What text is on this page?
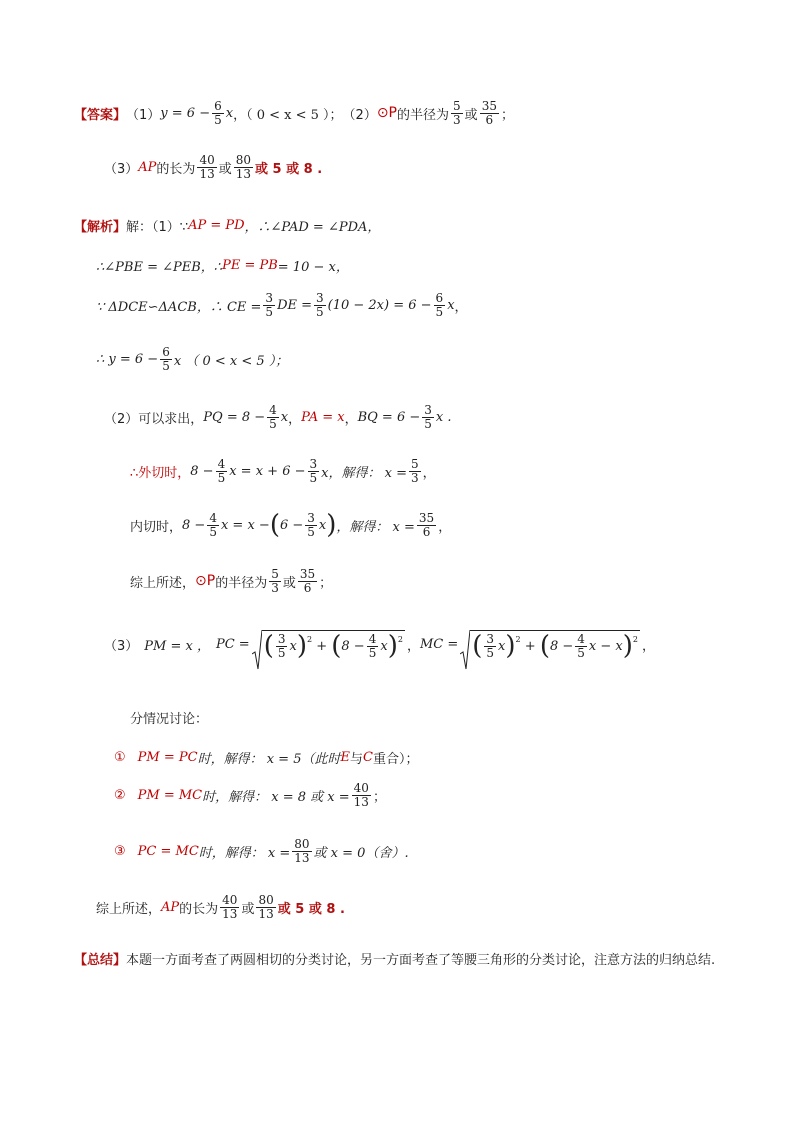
【答案】 （1） $y = 6 - \frac{6}{5}$ x ，（ 0 < x < 5 ）； （2） ⊙P 的半径为 $\frac{5}{3}$ 或 $\frac{35}{6}$ ；
（3） AP 的长为 $\frac{40}{13}$ 或 $\frac{80}{13}$ 或 5 或 8 .
【解析】 解：（1）∵ AP = PD ，∴∠PAD = ∠PDA，
∴∠PBE = ∠PEB，∴ PE = PB = 10 − x，
∵ ΔDCE∽ΔACB，∴ CE = $\frac{3}{5}$ DE = $\frac{3}{5} (10 - 2x) = 6 - \frac{6}{5}$ x ，
∴ $y = 6 - \frac{6}{5}$ x （ 0 < x < 5 ）；
（2）可以求出， PQ = $8 - \frac{4}{5}$ x ， PA = x ， BQ = $6 - \frac{3}{5}$ x .
∴外切时， $8 - \frac{4}{5}$ $x = x + 6 - \frac{3}{5}$ x，解得： $x = \frac{5}{3}$ ，
内切时， $8 - \frac{4}{5}$ x = x − ( $6 - \frac{3}{5}$ x ) ，解得： $x = \frac{35}{6}$ ，
综上所述， ⊙P 的半径为 $\frac{5}{3}$ 或 $\frac{35}{6}$ ；
（3） PM = x ， PC = ( $\frac{3}{5}$ x ) 2 + ( $8 - \frac{4}{5}$ x ) 2 ， MC = ( $\frac{3}{5}$ x ) 2 + ( $8 - \frac{4}{5}$ x − x ) 2 ，
分情况讨论：
① PM = PC 时，解得： x = 5（此时 E 与 C 重合）；
② PM = MC 时，解得： x = 8 或 $x = \frac{40}{13}$ ；
③ PC = MC 时，解得： $x = \frac{80}{13}$ 或 x = 0（舍）.
综上所述， AP 的长为 $\frac{40}{13}$ 或 $\frac{80}{13}$ 或 5 或 8 .
【总结】本题一方面考查了两圆相切的分类讨论，另一方面考查了等腰三角形的分类讨论，注意方法的归纳总结.
